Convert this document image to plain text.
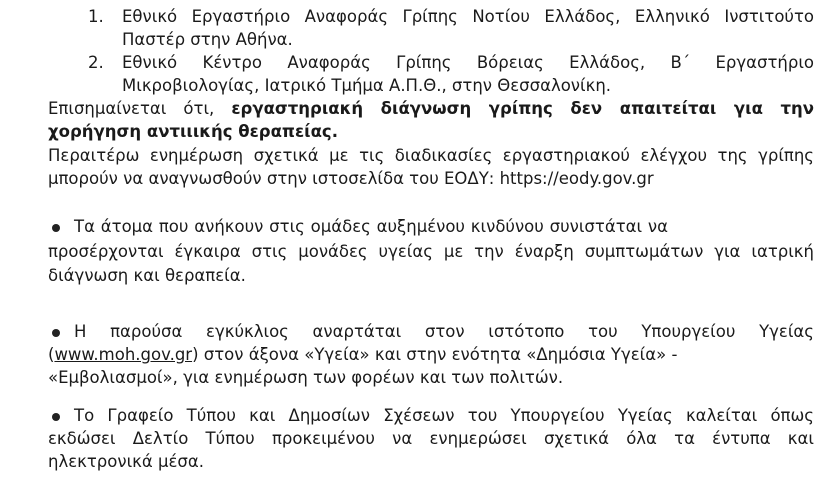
1. Εθνικό Εργαστήριο Αναφοράς Γρίπης Νοτίου Ελλάδος, Ελληνικό Ινστιτούτο
Παστέρ στην Αθήνα.
2. Εθνικό Κέντρο Αναφοράς Γρίπης Βόρειας Ελλάδος, Β΄ Εργαστήριο
Μικροβιολογίας, Ιατρικό Τμήμα Α.Π.Θ., στην Θεσσαλονίκη.
Επισημαίνεται ότι, εργαστηριακή διάγνωση γρίπης δεν απαιτείται για την
χορήγηση αντιιικής θεραπείας.
Περαιτέρω ενημέρωση σχετικά με τις διαδικασίες εργαστηριακού ελέγχου της γρίπης
μπορούν να αναγνωσθούν στην ιστοσελίδα του ΕΟΔΥ: https://eody.gov.gr
Τα άτομα που ανήκουν στις ομάδες αυξημένου κινδύνου συνιστάται να
προσέρχονται έγκαιρα στις μονάδες υγείας με την έναρξη συμπτωμάτων για ιατρική
διάγνωση και θεραπεία.
Η παρούσα εγκύκλιος αναρτάται στον ιστότοπο του Υπουργείου Υγείας
(www.moh.gov.gr) στον άξονα «Υγεία» και στην ενότητα «Δημόσια Υγεία» -
«Εμβολιασμοί», για ενημέρωση των φορέων και των πολιτών.
Το Γραφείο Τύπου και Δημοσίων Σχέσεων του Υπουργείου Υγείας καλείται όπως
εκδώσει Δελτίο Τύπου προκειμένου να ενημερώσει σχετικά όλα τα έντυπα και
ηλεκτρονικά μέσα.
